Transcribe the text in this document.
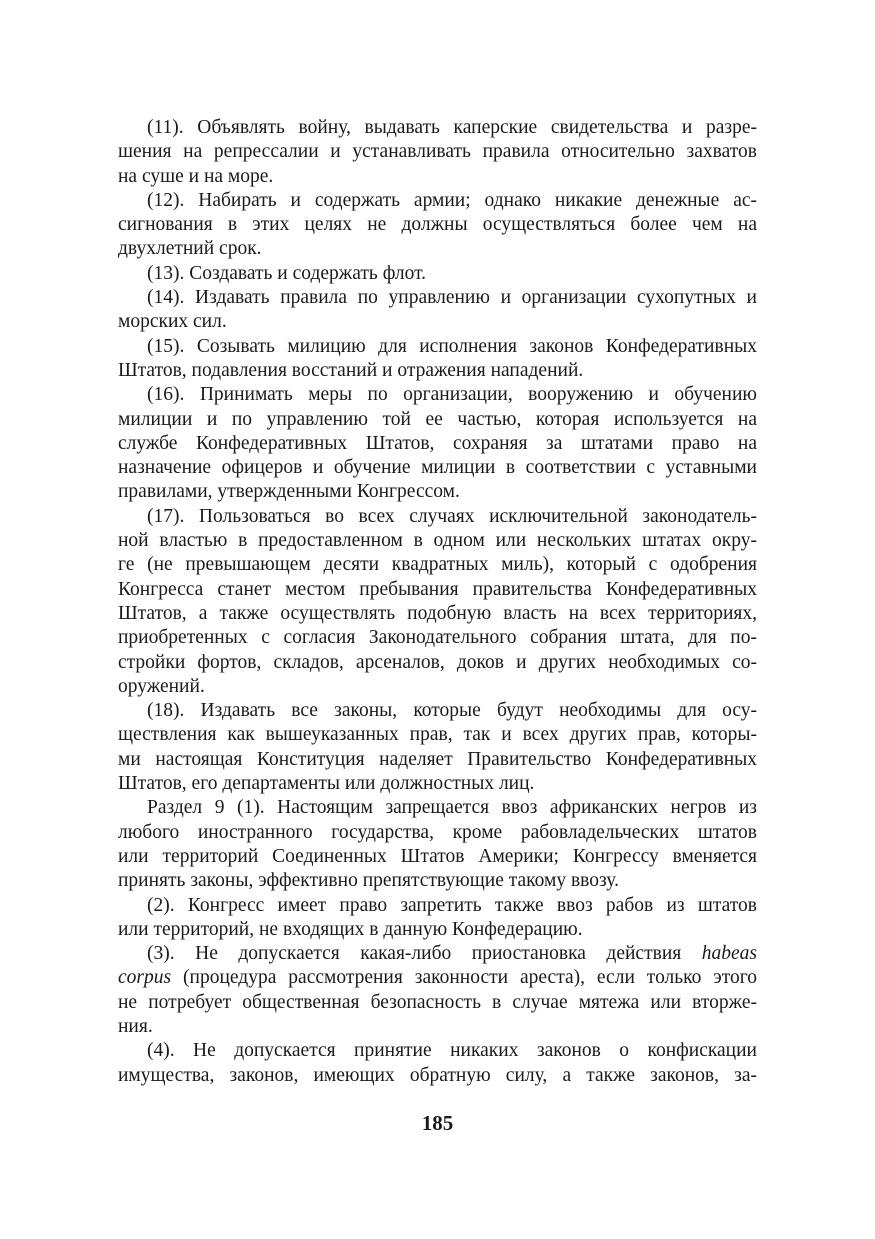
(11). Объявлять войну, выдавать каперские свидетельства и разре-
шения на репрессалии и устанавливать правила относительно захватов
на суше и на море.

(12). Набирать и содержать армии; однако никакие денежные ас-
сигнования в этих целях не должны осуществляться более чем на
двухлетний срок.

(13). Создавать и содержать флот.

(14). Издавать правила по управлению и организации сухопутных и
морских сил.

(15). Созывать милицию для исполнения законов Конфедеративных
Штатов, подавления восстаний и отражения нападений.

(16). Принимать меры по организации, вооружению и обучению
милиции и по управлению той ее частью, которая используется на
службе Конфедеративных Штатов, сохраняя за штатами право на
назначение офицеров и обучение милиции в соответствии с уставными
правилами, утвержденными Конгрессом.

(17). Пользоваться во всех случаях исключительной законодатель-
ной властью в предоставленном в одном или нескольких штатах окру-
ге (не превышающем десяти квадратных миль), который с одобрения
Конгресса станет местом пребывания правительства Конфедеративных
Штатов, а также осуществлять подобную власть на всех территориях,
приобретенных с согласия Законодательного собрания штата, для по-
стройки фортов, складов, арсеналов, доков и других необходимых со-
оружений.

(18). Издавать все законы, которые будут необходимы для осу-
ществления как вышеуказанных прав, так и всех других прав, которы-
ми настоящая Конституция наделяет Правительство Конфедеративных
Штатов, его департаменты или должностных лиц.

Раздел 9 (1). Настоящим запрещается ввоз африканских негров из
любого иностранного государства, кроме рабовладельческих штатов
или территорий Соединенных Штатов Америки; Конгрессу вменяется
принять законы, эффективно препятствующие такому ввозу.

(2). Конгресс имеет право запретить также ввоз рабов из штатов
или территорий, не входящих в данную Конфедерацию.

(3). Не допускается какая-либо приостановка действия habeas
corpus (процедура рассмотрения законности ареста), если только этого
не потребует общественная безопасность в случае мятежа или вторже-
ния.

(4). Не допускается принятие никаких законов о конфискации
имущества, законов, имеющих обратную силу, а также законов, за-

185
